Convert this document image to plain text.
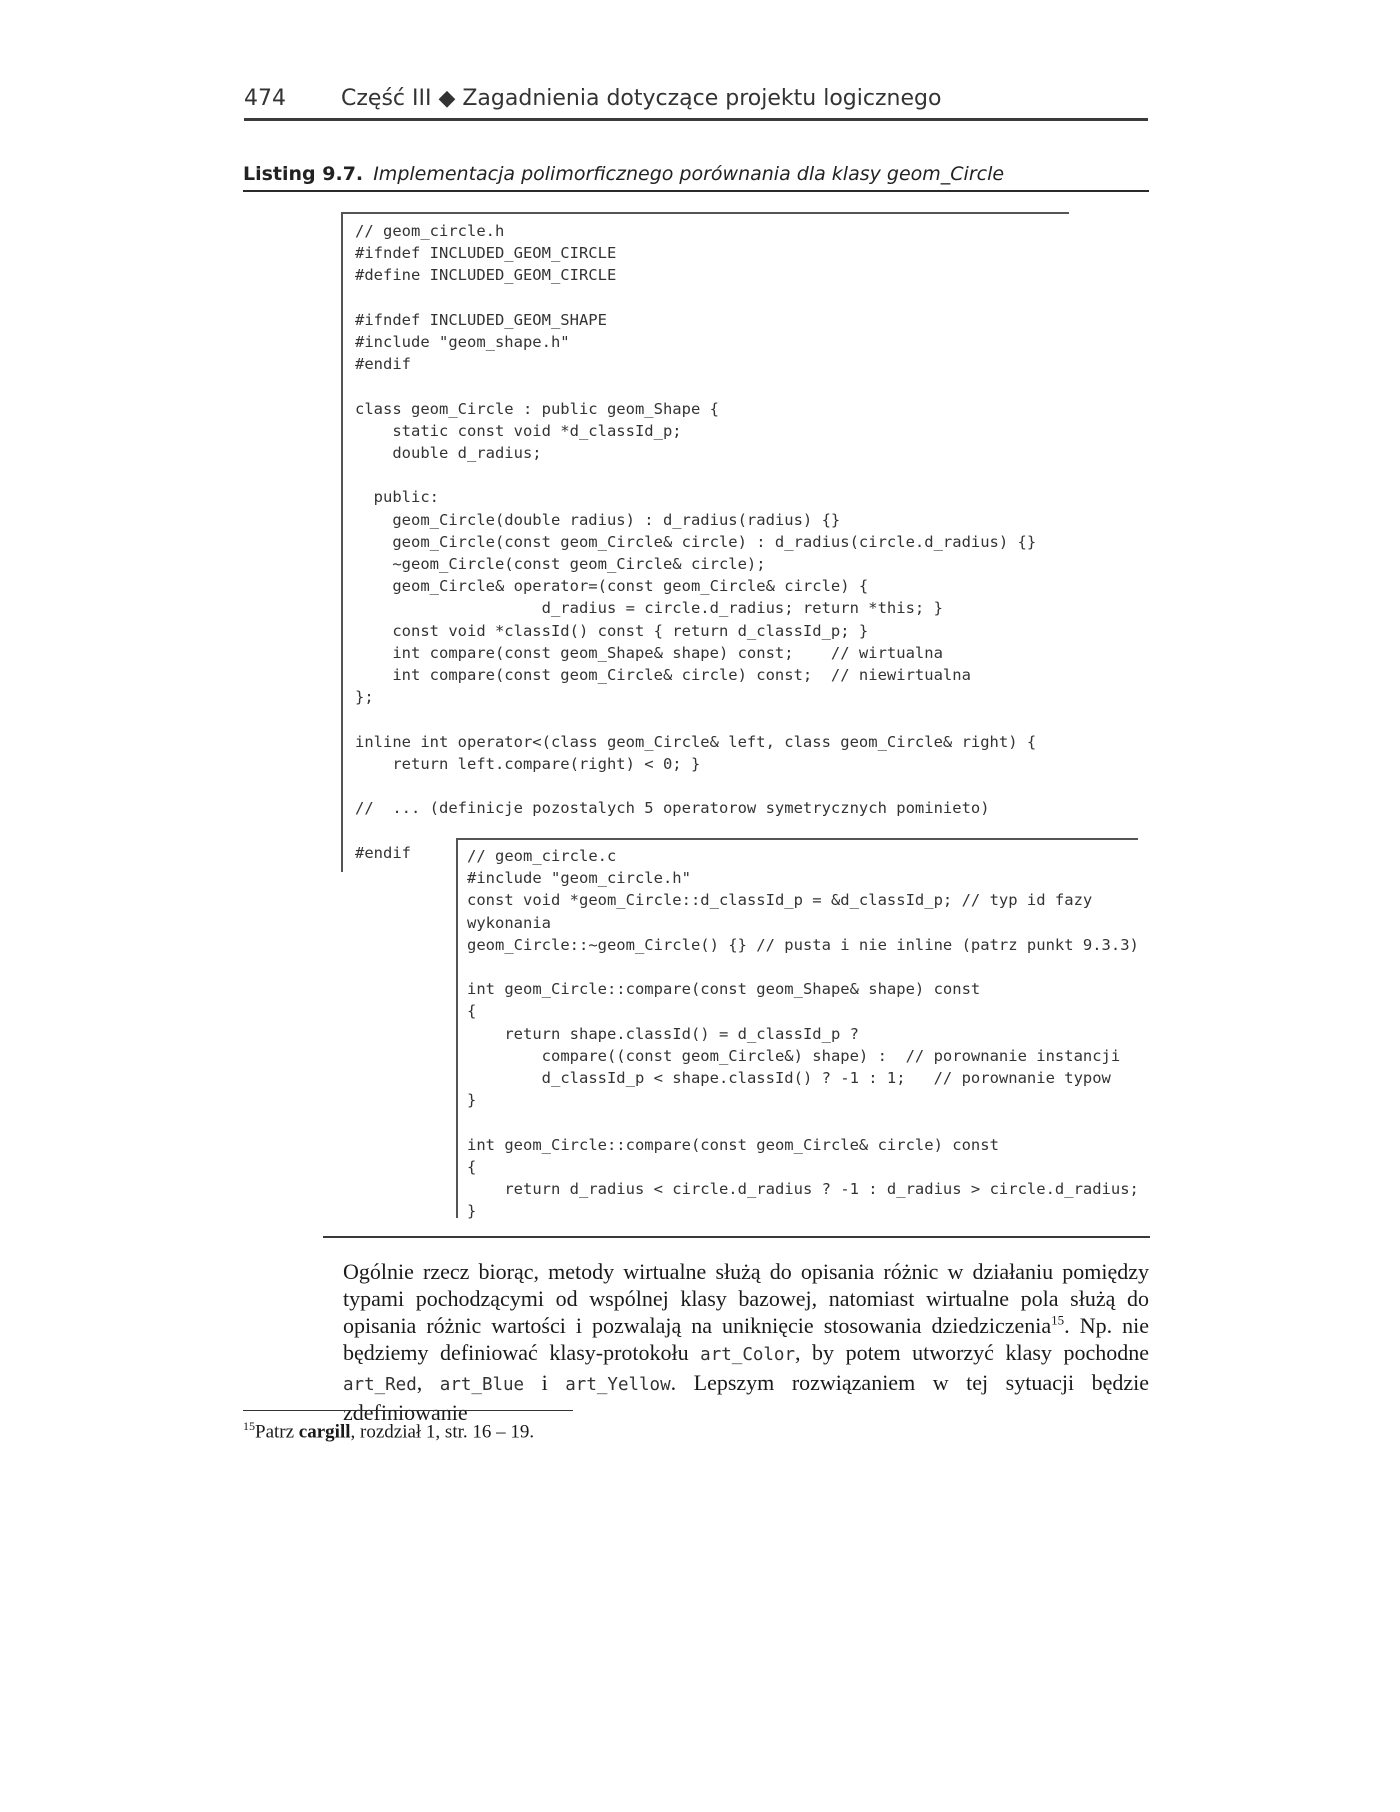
474	Część III ◆ Zagadnienia dotyczące projektu logicznego
Listing 9.7. Implementacja polimorficznego porównania dla klasy geom_Circle
// geom_circle.h
#ifndef INCLUDED_GEOM_CIRCLE
#define INCLUDED_GEOM_CIRCLE

#ifndef INCLUDED_GEOM_SHAPE
#include "geom_shape.h"
#endif

class geom_Circle : public geom_Shape {
static const void *d_classId_p;
double d_radius;

public:
geom_Circle(double radius) : d_radius(radius) {}
geom_Circle(const geom_Circle& circle) : d_radius(circle.d_radius) {}
~geom_Circle(const geom_Circle& circle);
geom_Circle& operator=(const geom_Circle& circle) {
d_radius = circle.d_radius; return *this; }
const void *classId() const { return d_classId_p; }
int compare(const geom_Shape& shape) const;    // wirtualna
int compare(const geom_Circle& circle) const;  // niewirtualna
};

inline int operator<(class geom_Circle& left, class geom_Circle& right) {
return left.compare(right) < 0; }

//  ... (definicje pozostalych 5 operatorow symetrycznych pominieto)

#endif	// geom_circle.c
#include "geom_circle.h"
const void *geom_Circle::d_classId_p = &d_classId_p; // typ id fazy
wykonania
geom_Circle::~geom_Circle() {} // pusta i nie inline (patrz punkt 9.3.3)

int geom_Circle::compare(const geom_Shape& shape) const
{
return shape.classId() = d_classId_p ?
compare((const geom_Circle&) shape) :  // porownanie instancji
d_classId_p < shape.classId() ? -1 : 1;   // porownanie typow
}

int geom_Circle::compare(const geom_Circle& circle) const
{
return d_radius < circle.d_radius ? -1 : d_radius > circle.d_radius;
}

Ogólnie rzecz biorąc, metody wirtualne służą do opisania różnic w działaniu pomiędzy typami pochodzącymi od wspólnej klasy bazowej, natomiast wirtualne pola służą do opisania różnic wartości i pozwalają na uniknięcie stosowania dziedziczenia$^{15}$. Np. nie będziemy definiować klasy-protokołu art_Color, by potem utworzyć klasy pochodne art_Red, art_Blue i art_Yellow. Lepszym rozwiązaniem w tej sytuacji będzie zdefiniowanie

$^{15}$Patrz cargill, rozdział 1, str. 16 – 19.
